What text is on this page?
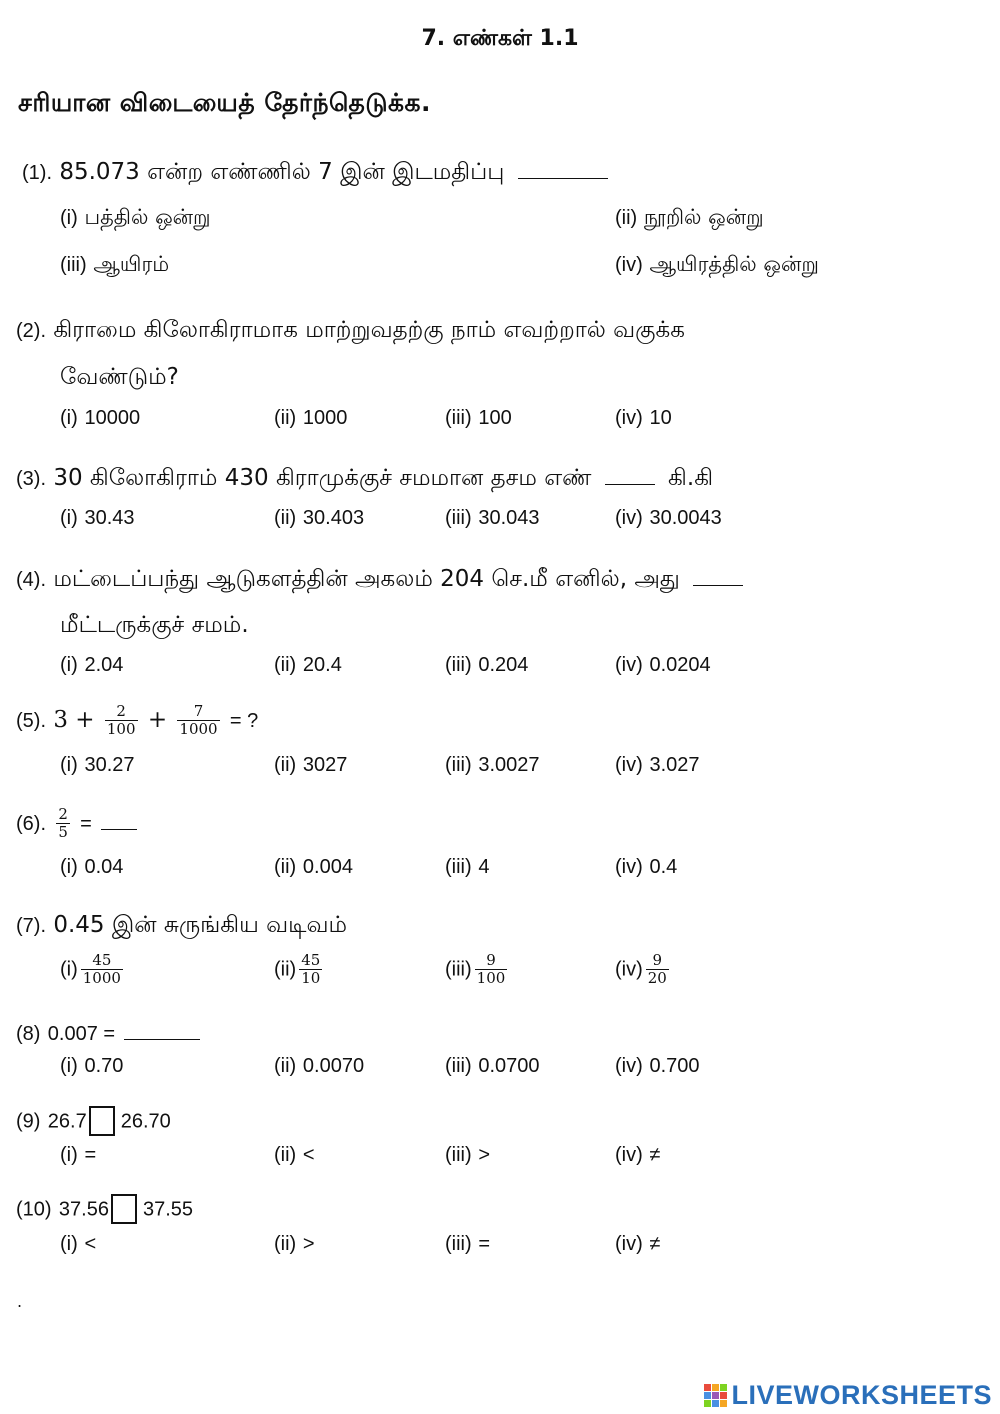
7. எண்கள் 1.1
சரியான விடையைத் தேர்ந்தெடுக்க.
(1). 85.073 என்ற எண்ணில் 7 இன் இடமதிப்பு
(i) பத்தில் ஒன்று	(ii) நூறில் ஒன்று
(iii) ஆயிரம்	(iv) ஆயிரத்தில் ஒன்று
(2). கிராமை கிலோகிராமாக மாற்றுவதற்கு நாம் எவற்றால் வகுக்க
வேண்டும்?
(i) 10000	(ii) 1000	(iii) 100	(iv) 10
(3). 30 கிலோகிராம் 430 கிராமுக்குச் சமமான தசம எண்	கி.கி
(i) 30.43	(ii) 30.403	(iii) 30.043	(iv) 30.0043
(4). மட்டைப்பந்து ஆடுகளத்தின் அகலம் 204 செ.மீ எனில், அது
மீட்டருக்குச் சமம்.
(i) 2.04	(ii) 20.4	(iii) 0.204	(iv) 0.0204
(5). $3 + \frac{2}{100} + \frac{7}{1000}$ = ?
(i) 30.27	(ii) 3027	(iii) 3.0027	(iv) 3.027
(6). $\frac{2}{5}$ =
(i) 0.04	(ii) 0.004	(iii) 4	(iv) 0.4
(7). 0.45 இன் சுருங்கிய வடிவம்
$(i) \frac{45}{1000}$	$(ii) \frac{45}{10}$	$(iii) \frac{9}{100}$	$(iv) \frac{9}{20}$
(8) 0.007 =
(i) 0.70	(ii) 0.0070	(iii) 0.0700	(iv) 0.700
(9) 26.7 26.70
(i) =	(ii) <	(iii) >	(iv) ≠
(10) 37.56 37.55
(i) <	(ii) >	(iii) =	(iv) ≠
.
LIVEWORKSHEETS
